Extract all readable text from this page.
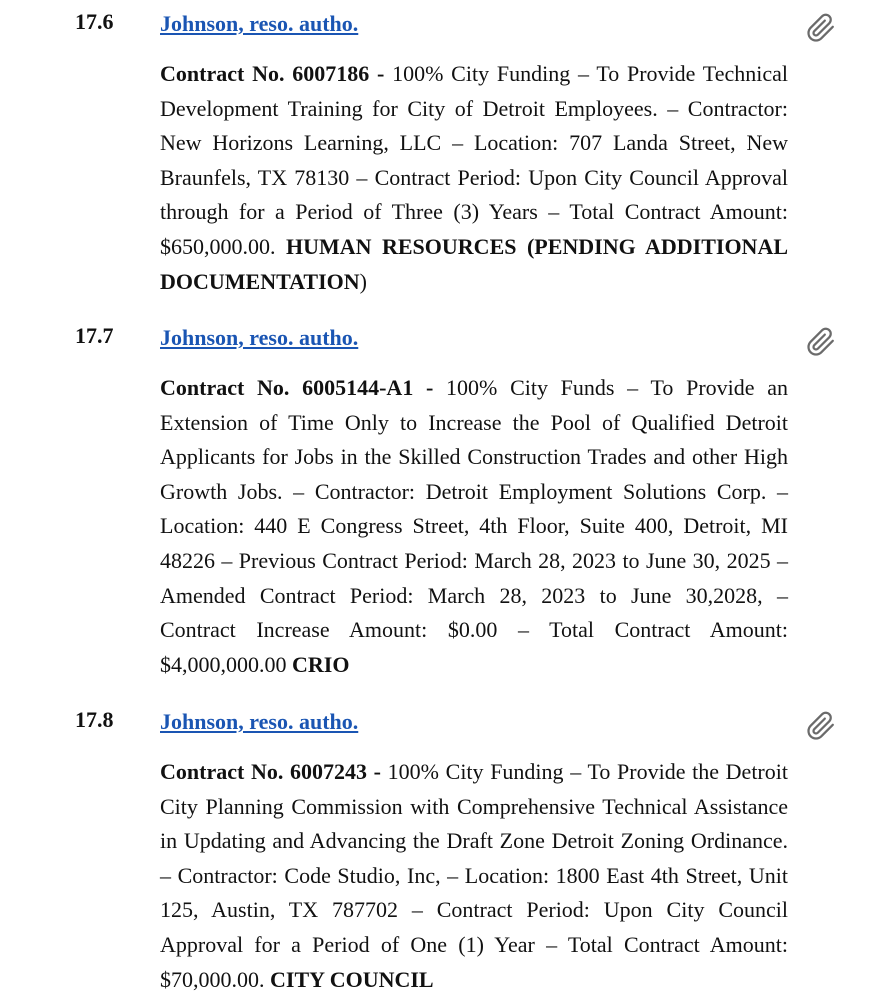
17.6 Johnson, reso. autho.
Contract No. 6007186 - 100% City Funding – To Provide Technical Development Training for City of Detroit Employees. – Contractor: New Horizons Learning, LLC – Location: 707 Landa Street, New Braunfels, TX 78130 – Contract Period: Upon City Council Approval through for a Period of Three (3) Years – Total Contract Amount: $650,000.00. HUMAN RESOURCES (PENDING ADDITIONAL DOCUMENTATION)
17.7 Johnson, reso. autho.
Contract No. 6005144-A1 - 100% City Funds – To Provide an Extension of Time Only to Increase the Pool of Qualified Detroit Applicants for Jobs in the Skilled Construction Trades and other High Growth Jobs. – Contractor: Detroit Employment Solutions Corp. – Location: 440 E Congress Street, 4th Floor, Suite 400, Detroit, MI 48226 – Previous Contract Period: March 28, 2023 to June 30, 2025 – Amended Contract Period: March 28, 2023 to June 30,2028, – Contract Increase Amount: $0.00 – Total Contract Amount: $4,000,000.00 CRIO
17.8 Johnson, reso. autho.
Contract No. 6007243 - 100% City Funding – To Provide the Detroit City Planning Commission with Comprehensive Technical Assistance in Updating and Advancing the Draft Zone Detroit Zoning Ordinance. – Contractor: Code Studio, Inc, – Location: 1800 East 4th Street, Unit 125, Austin, TX 787702 – Contract Period: Upon City Council Approval for a Period of One (1) Year – Total Contract Amount: $70,000.00. CITY COUNCIL
